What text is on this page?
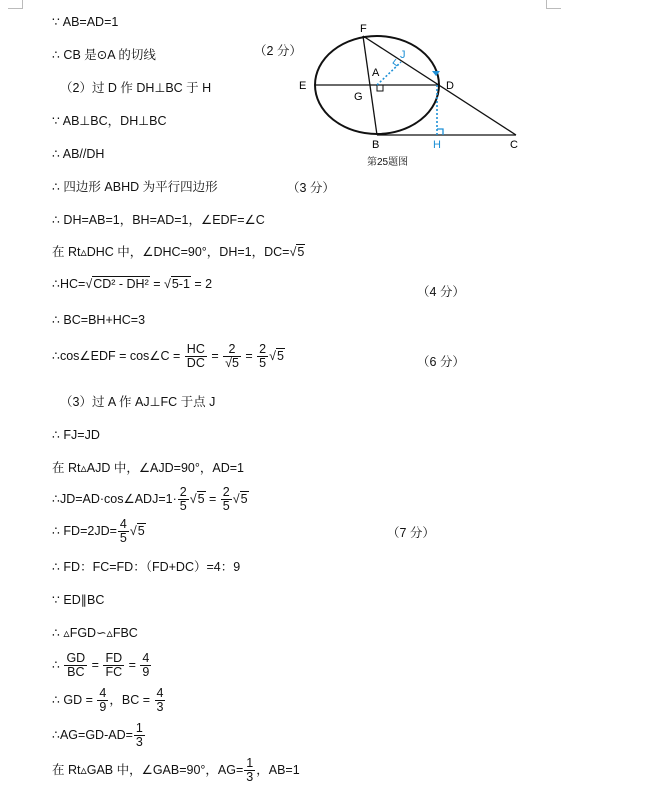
∵ AB=AD=1
∴ CB 是⊙A 的切线
（2）过 D 作 DH⊥BC 于 H
∵ AB⊥BC，DH⊥BC
∴ AB//DH
∴ 四边形 ABHD 为平行四边形
∴ DH=AB=1，BH=AD=1，∠EDF=∠C
在 Rt▵DHC 中，∠DHC=90°，DH=1，DC=√5
∴HC=√CD² - DH² = √5-1 = 2
∴ BC=BH+HC=3
∴cos∠EDF = cos∠C = $\frac{HC}{DC} = \frac{2}{√5} = \frac{2}{5} √5$
（3）过 A 作 AJ⊥FC 于点 J
∴ FJ=JD
在 Rt▵AJD 中，∠AJD=90°，AD=1
∴JD=AD·cos∠ADJ=1· $\frac{2}{5} √5 = \frac{2}{5} √5$
∴ $FD=2JD= \frac{4}{5} √5$
∴ FD：FC=FD：（FD+DC）=4：9
∵ ED∥BC
∴ ▵FGD∽▵FBC
∴ $\frac{GD}{BC} = \frac{FD}{FC} = \frac{4}{9}$
∴ GD = $\frac{4}{9}$ ，BC = $\frac{4}{3}$
∴AG=GD-AD= $\frac{1}{3}$
在 Rt▵GAB 中，∠GAB=90°，$AG= \frac{1}{3}$ ，AB=1
（2 分）
（3 分）
（4 分）
（6 分）
（7 分）
F
J
A
E
G
D
B	H	C
第25题图
